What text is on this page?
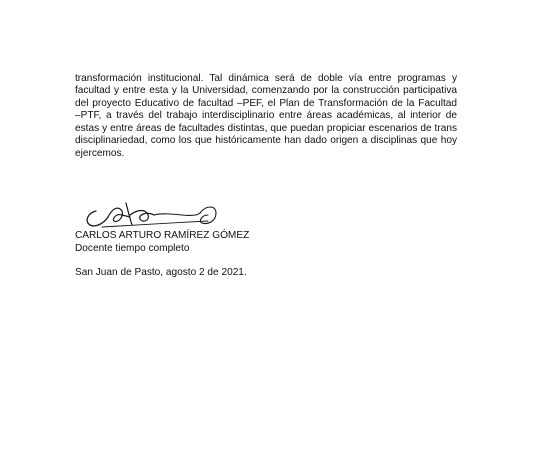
transformación institucional. Tal dinámica será de doble vía entre programas y
facultad y entre esta y la Universidad, comenzando por la construcción participativa
del proyecto Educativo de facultad –PEF, el Plan de Transformación de la Facultad
–PTF, a través del trabajo interdisciplinario entre áreas académicas, al interior de
estas y entre áreas de facultades distintas, que puedan propiciar escenarios de trans
disciplinariedad, como los que históricamente han dado origen a disciplinas que hoy
ejercemos.
CARLOS ARTURO RAMÍREZ GÓMEZ
Docente tiempo completo
San Juan de Pasto, agosto 2 de 2021.
